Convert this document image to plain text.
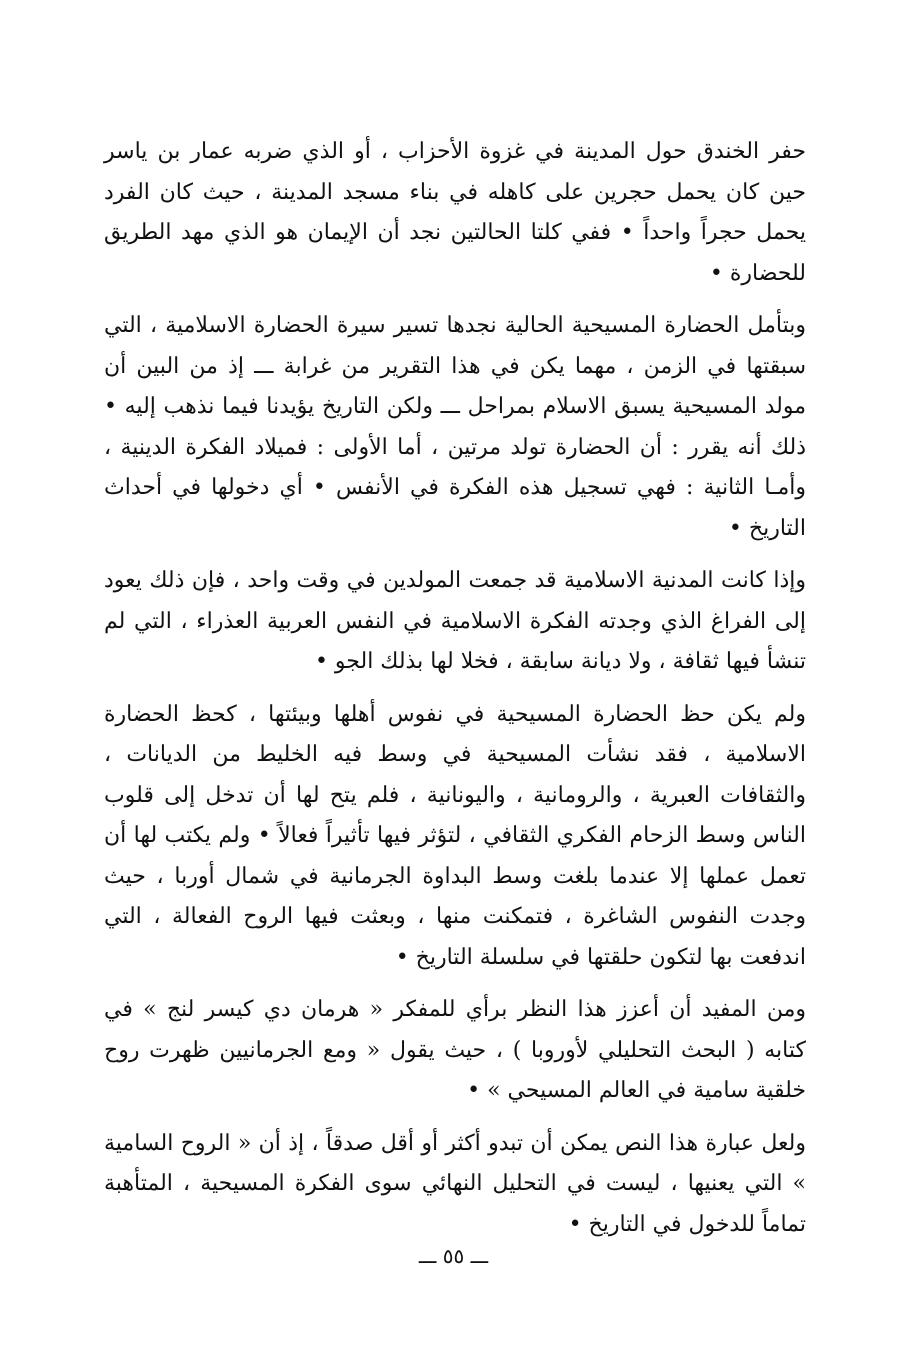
حفر الخندق حول المدينة في غزوة الأحزاب ، أو الذي ضربه عمار بن ياسر حين كان يحمل حجرين على كاهله في بناء مسجد المدينة ، حيث كان الفرد يحمل حجراً واحداً • ففي كلتا الحالتين نجد أن الإيمان هو الذي مهد الطريق للحضارة •

وبتأمل الحضارة المسيحية الحالية نجدها تسير سيرة الحضارة الاسلامية ، التي سبقتها في الزمن ، مهما يكن في هذا التقرير من غرابة ـــ إذ من البين أن مولد المسيحية يسبق الاسلام بمراحل ـــ ولكن التاريخ يؤيدنا فيما نذهب إليه • ذلك أنه يقرر : أن الحضارة تولد مرتين ، أما الأولى : فميلاد الفكرة الدينية ، وأمـا الثانية : فهي تسجيل هذه الفكرة في الأنفس • أي دخولها في أحداث التاريخ •

وإذا كانت المدنية الاسلامية قد جمعت المولدين في وقت واحد ، فإن ذلك يعود إلى الفراغ الذي وجدته الفكرة الاسلامية في النفس العربية العذراء ، التي لم تنشأ فيها ثقافة ، ولا ديانة سابقة ، فخلا لها بذلك الجو •

ولم يكن حظ الحضارة المسيحية في نفوس أهلها وبيئتها ، كحظ الحضارة الاسلامية ، فقد نشأت المسيحية في وسط فيه الخليط من الديانات ، والثقافات العبرية ، والرومانية ، واليونانية ، فلم يتح لها أن تدخل إلى قلوب الناس وسط الزحام الفكري الثقافي ، لتؤثر فيها تأثيراً فعالاً • ولم يكتب لها أن تعمل عملها إلا عندما بلغت وسط البداوة الجرمانية في شمال أوربا ، حيث وجدت النفوس الشاغرة ، فتمكنت منها ، وبعثت فيها الروح الفعالة ، التي اندفعت بها لتكون حلقتها في سلسلة التاريخ •

ومن المفيد أن أعزز هذا النظر برأي للمفكر « هرمان دي كيسر لنج » في كتابه ( البحث التحليلي لأوروبا ) ، حيث يقول « ومع الجرمانيين ظهرت روح خلقية سامية في العالم المسيحي » •

ولعل عبارة هذا النص يمكن أن تبدو أكثر أو أقل صدقاً ، إذ أن « الروح السامية » التي يعنيها ، ليست في التحليل النهائي سوى الفكرة المسيحية ، المتأهبة تماماً للدخول في التاريخ •

ـــ ٥٥ ـــ
